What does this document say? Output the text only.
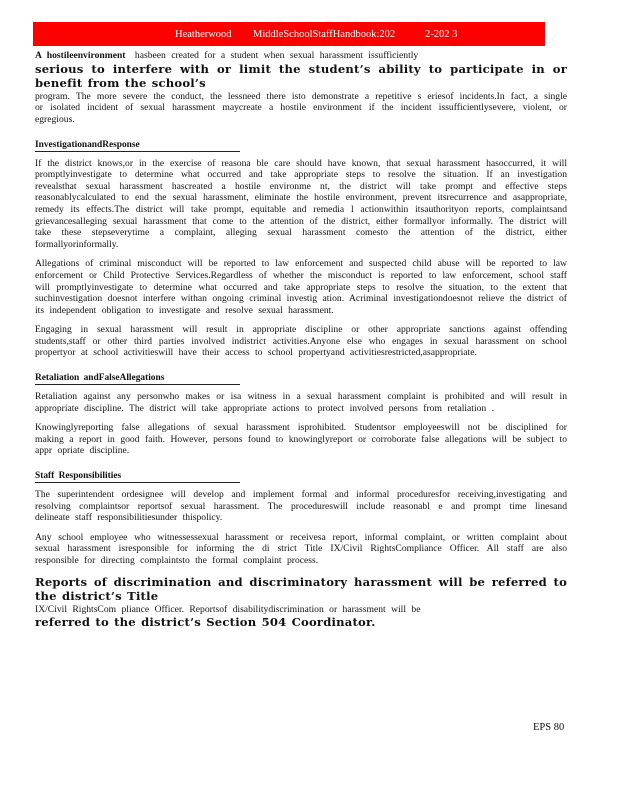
Heatherwood MiddleSchoolStaffHandbook:202	2-202 3

A hostileenvironment hasbeen created for a student when sexual harassment issufficiently
serious to interfere with or limit the student’s ability to participate in or benefit from the school’s
program. The more severe the conduct, the lessneed there isto demonstrate a repetitive s eriesof incidents.In fact, a single or isolated incident of sexual harassment maycreate a hostile environment if the incident issufficientlysevere, violent, or egregious.

InvestigationandResponse

If the district knows,or in the exercise of reasona ble care should have known, that sexual harassment hasoccurred, it will promptlyinvestigate to determine what occurred and take appropriate steps to resolve the situation. If an investigation revealsthat sexual harassment hascreated a hostile environme nt, the district will take prompt and effective steps reasonablycalculated to end the sexual harassment, eliminate the hostile environment, prevent itsrecurrence and asappropriate, remedy its effects.The district will take prompt, equitable and remedia l actionwithin itsauthorityon reports, complaintsand grievancesalleging sexual harassment that come to the attention of the district, either formallyor informally. The district will take these stepseverytime a complaint, alleging sexual harassment comesto the attention of the district, either formallyorinformally.

Allegations of criminal misconduct will be reported to law enforcement and suspected child abuse will be reported to law enforcement or Child Protective Services.Regardless of whether the misconduct is reported to law enforcement, school staff will promptlyinvestigate to determine what occurred and take appropriate steps to resolve the situation, to the extent that suchinvestigation doesnot interfere withan ongoing criminal investig ation. Acriminal investigationdoesnot relieve the district of its independent obligation to investigate and resolve sexual harassment.

Engaging in sexual harassment will result in appropriate discipline or other appropriate sanctions against offending students,staff or other third parties involved indistrict activities.Anyone else who engages in sexual harassment on school propertyor at school activitieswill have their access to school propertyand activitiesrestricted,asappropriate.

Retaliation andFalseAllegations

Retaliation against any personwho makes or isa witness in a sexual harassment complaint is prohibited and will result in appropriate discipline. The district will take appropriate actions to protect involved persons from retaliation .

Knowinglyreporting false allegations of sexual harassment isprohibited. Studentsor employeeswill not be disciplined for making a report in good faith. However, persons found to knowinglyreport or corroborate false allegations will be subject to appr opriate discipline.

Staff Responsibilities

The superintendent ordesignee will develop and implement formal and informal proceduresfor receiving,investigating and resolving complaintsor reportsof sexual harassment. The procedureswill include reasonabl e and prompt time linesand delineate staff responsibilitiesunder thispolicy.

Any school employee who witnessessexual harassment or receivesa report, informal complaint, or written complaint about sexual harassment isresponsible for informing the di strict Title IX/Civil RightsCompliance Officer. All staff are also responsible for directing complaintsto the formal complaint process.

Reports of discrimination and discriminatory harassment will be referred to the district’s Title
IX/Civil RightsCom pliance Officer. Reportsof disabilitydiscrimination or harassment will be
referred to the district’s Section 504 Coordinator.

EPS 80
